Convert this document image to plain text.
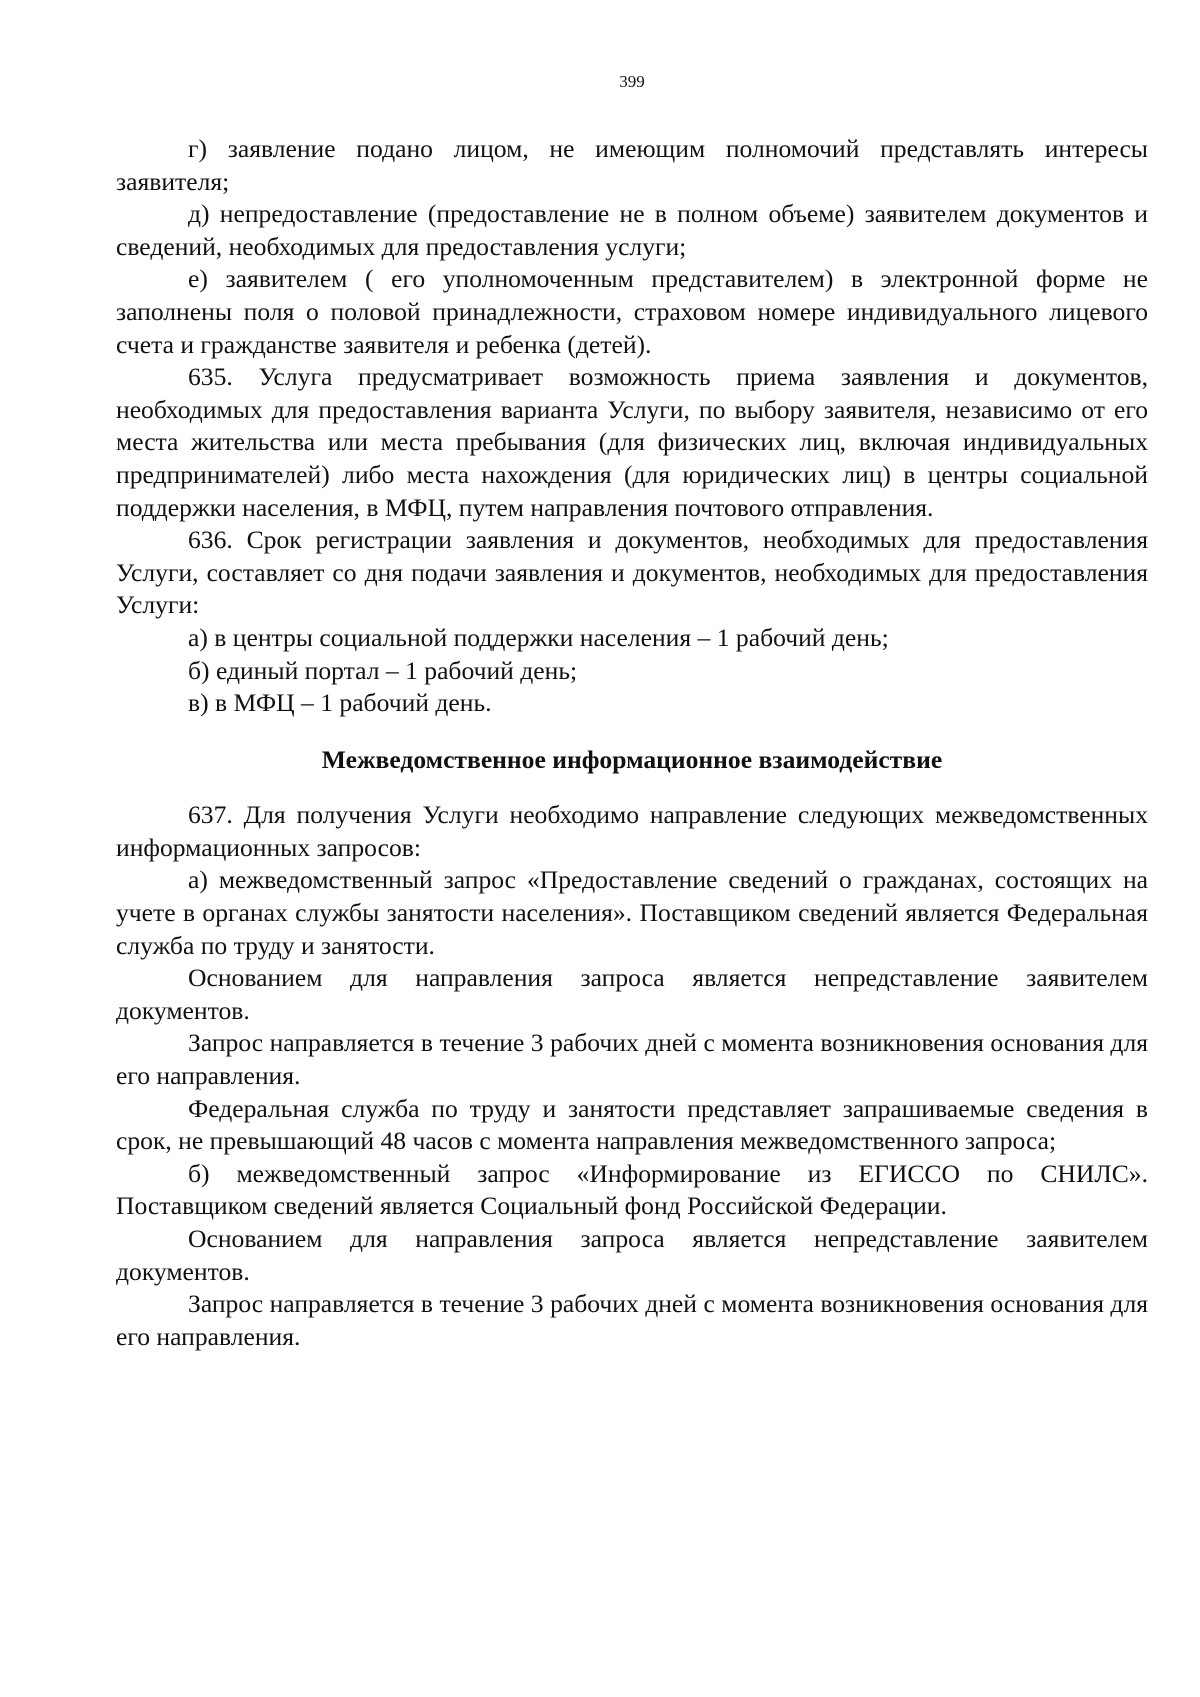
399

г) заявление подано лицом, не имеющим полномочий представлять интересы заявителя;

д) непредоставление (предоставление не в полном объеме) заявителем документов и сведений, необходимых для предоставления услуги;

е) заявителем ( его уполномоченным представителем) в электронной форме не заполнены поля о половой принадлежности, страховом номере индивидуального лицевого счета и гражданстве заявителя и ребенка (детей).

635. Услуга предусматривает возможность приема заявления и документов, необходимых для предоставления варианта Услуги, по выбору заявителя, независимо от его места жительства или места пребывания (для физических лиц, включая индивидуальных предпринимателей) либо места нахождения (для юридических лиц) в центры социальной поддержки населения, в МФЦ, путем направления почтового отправления.

636. Срок регистрации заявления и документов, необходимых для предоставления Услуги, составляет со дня подачи заявления и документов, необходимых для предоставления Услуги:

а) в центры социальной поддержки населения – 1 рабочий день;

б) единый портал – 1 рабочий день;

в) в МФЦ – 1 рабочий день.

Межведомственное информационное взаимодействие

637. Для получения Услуги необходимо направление следующих межведомственных информационных запросов:

а) межведомственный запрос «Предоставление сведений о гражданах, состоящих на учете в органах службы занятости населения». Поставщиком сведений является Федеральная служба по труду и занятости.

Основанием для направления запроса является непредставление заявителем документов.

Запрос направляется в течение 3 рабочих дней с момента возникновения основания для его направления.

Федеральная служба по труду и занятости представляет запрашиваемые сведения в срок, не превышающий 48 часов с момента направления межведомственного запроса;

б) межведомственный запрос «Информирование из ЕГИССО по СНИЛС». Поставщиком сведений является Социальный фонд Российской Федерации.

Основанием для направления запроса является непредставление заявителем документов.

Запрос направляется в течение 3 рабочих дней с момента возникновения основания для его направления.
